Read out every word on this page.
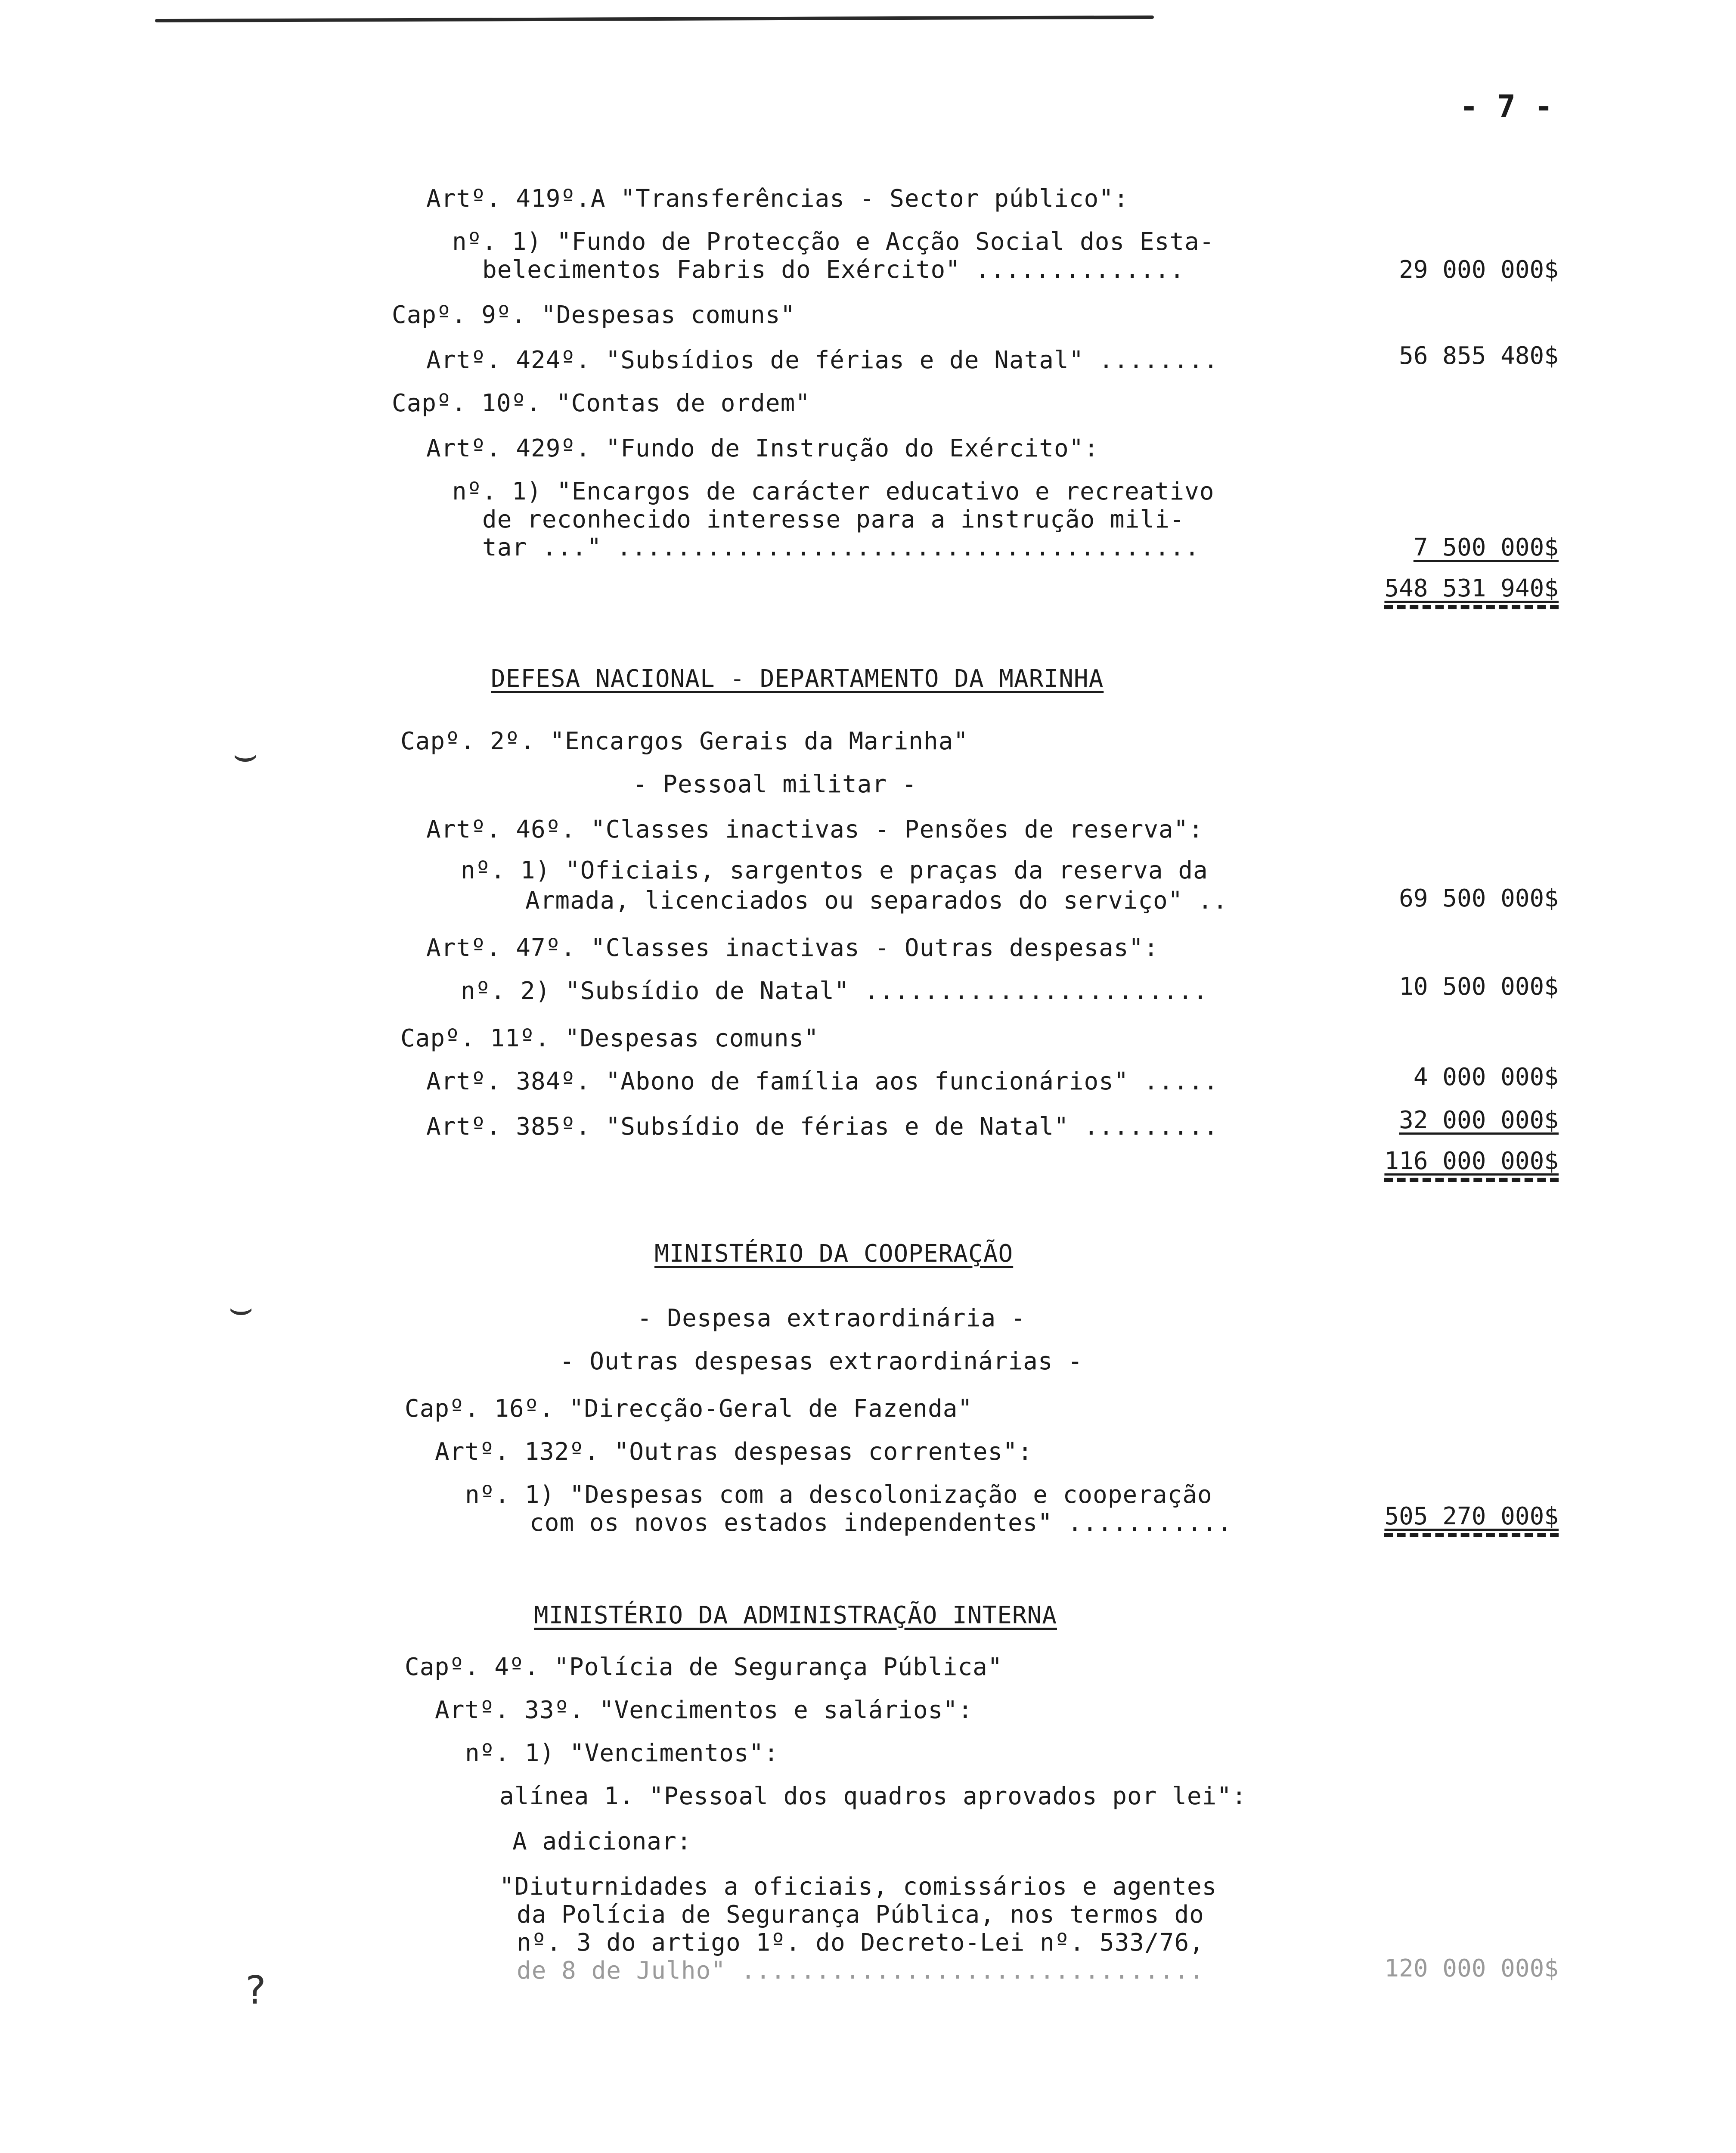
- 7 -
⌣
⌣
?
Artº. 419º.A "Transferências - Sector público":
nº. 1) "Fundo de Protecção e Acção Social dos Esta-
belecimentos Fabris do Exército" ..............	29 000 000$
Capº. 9º. "Despesas comuns"
Artº. 424º. "Subsídios de férias e de Natal" ........	56 855 480$
Capº. 10º. "Contas de ordem"
Artº. 429º. "Fundo de Instrução do Exército":
nº. 1) "Encargos de carácter educativo e recreativo
de reconhecido interesse para a instrução mili-
tar ..." .......................................	7 500 000$
548 531 940$
DEFESA NACIONAL - DEPARTAMENTO DA MARINHA
Capº. 2º. "Encargos Gerais da Marinha"
- Pessoal militar -
Artº. 46º. "Classes inactivas - Pensões de reserva":
nº. 1) "Oficiais, sargentos e praças da reserva da
Armada, licenciados ou separados do serviço" ..	69 500 000$
Artº. 47º. "Classes inactivas - Outras despesas":
nº. 2) "Subsídio de Natal" .......................	10 500 000$
Capº. 11º. "Despesas comuns"
Artº. 384º. "Abono de família aos funcionários" .....	4 000 000$
Artº. 385º. "Subsídio de férias e de Natal" .........	32 000 000$
116 000 000$
MINISTÉRIO DA COOPERAÇÃO
- Despesa extraordinária -
- Outras despesas extraordinárias -
Capº. 16º. "Direcção-Geral de Fazenda"
Artº. 132º. "Outras despesas correntes":
nº. 1) "Despesas com a descolonização e cooperação
com os novos estados independentes" ...........	505 270 000$
MINISTÉRIO DA ADMINISTRAÇÃO INTERNA
Capº. 4º. "Polícia de Segurança Pública"
Artº. 33º. "Vencimentos e salários":
nº. 1) "Vencimentos":
alínea 1. "Pessoal dos quadros aprovados por lei":
A adicionar:
"Diuturnidades a oficiais, comissários e agentes
da Polícia de Segurança Pública, nos termos do
nº. 3 do artigo 1º. do Decreto-Lei nº. 533/76,
de 8 de Julho" ...............................	120 000 000$
